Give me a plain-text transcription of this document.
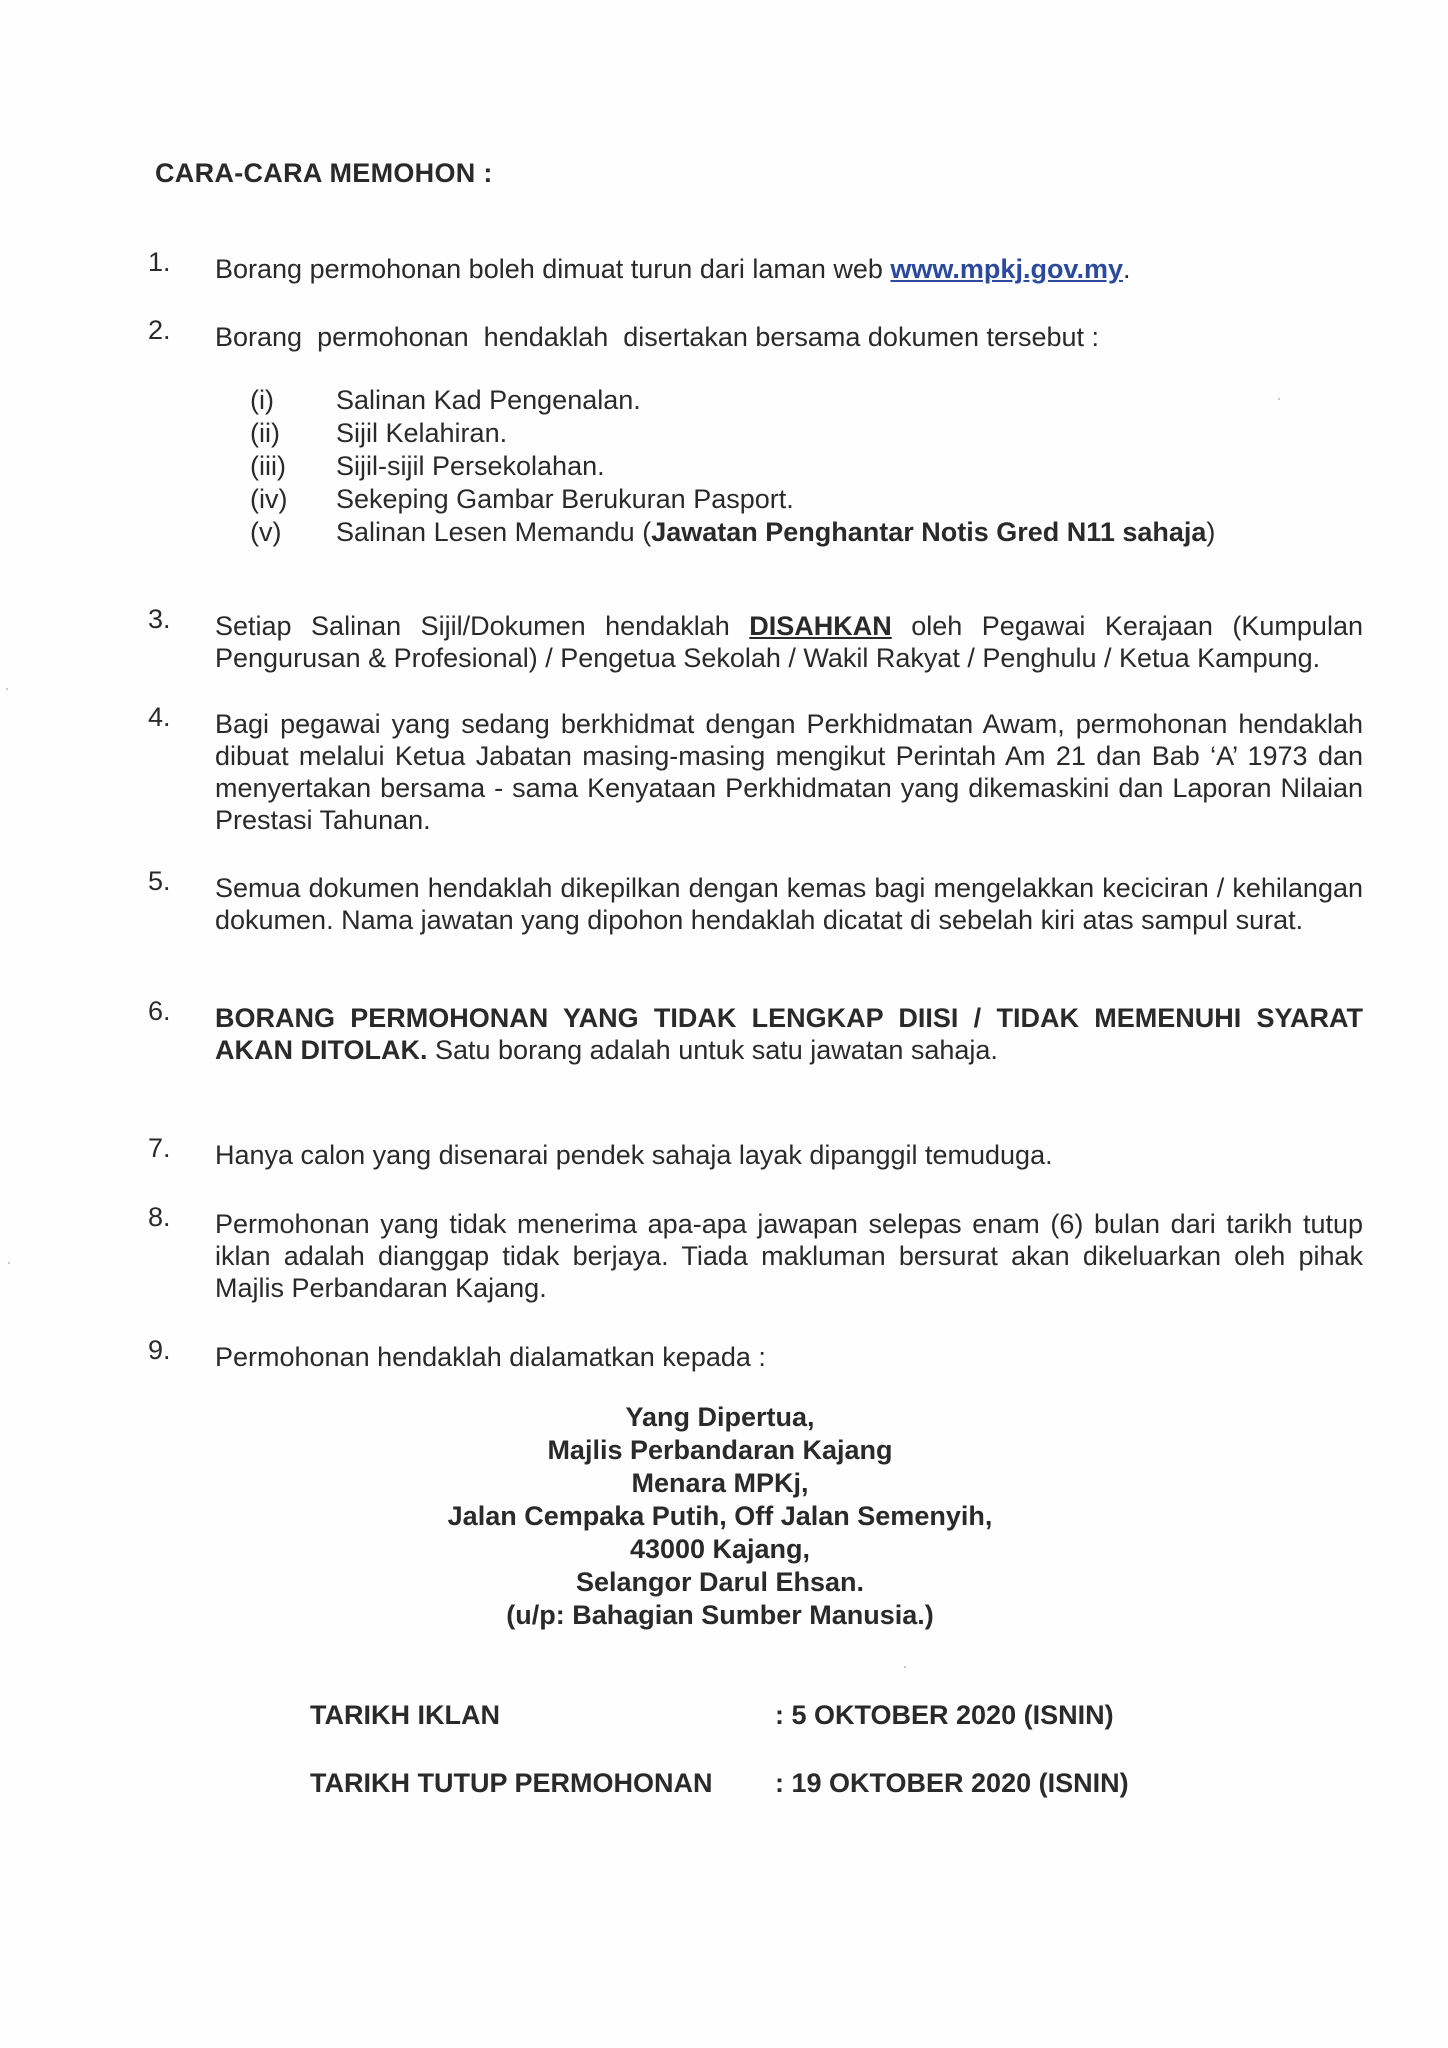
CARA-CARA MEMOHON :
1.	Borang permohonan boleh dimuat turun dari laman web www.mpkj.gov.my.
2.	Borang  permohonan  hendaklah  disertakan bersama dokumen tersebut :
(i)	Salinan Kad Pengenalan.
(ii)	Sijil Kelahiran.
(iii)	Sijil-sijil Persekolahan.
(iv)	Sekeping Gambar Berukuran Pasport.
(v)	Salinan Lesen Memandu (Jawatan Penghantar Notis Gred N11 sahaja)
3.	Setiap Salinan Sijil/Dokumen hendaklah DISAHKAN oleh Pegawai Kerajaan (Kumpulan Pengurusan & Profesional) / Pengetua Sekolah / Wakil Rakyat / Penghulu / Ketua Kampung.
4.	Bagi pegawai yang sedang berkhidmat dengan Perkhidmatan Awam, permohonan hendaklah dibuat melalui Ketua Jabatan masing-masing mengikut Perintah Am 21 dan Bab ‘A’ 1973 dan menyertakan bersama - sama Kenyataan Perkhidmatan yang dikemaskini dan Laporan Nilaian Prestasi Tahunan.
5.	Semua dokumen hendaklah dikepilkan dengan kemas bagi mengelakkan keciciran / kehilangan dokumen. Nama jawatan yang dipohon hendaklah dicatat di sebelah kiri atas sampul surat.
6.	BORANG PERMOHONAN YANG TIDAK LENGKAP DIISI / TIDAK MEMENUHI SYARAT AKAN DITOLAK. Satu borang adalah untuk satu jawatan sahaja.
7.	Hanya calon yang disenarai pendek sahaja layak dipanggil temuduga.
8.	Permohonan yang tidak menerima apa-apa jawapan selepas enam (6) bulan dari tarikh tutup iklan adalah dianggap tidak berjaya. Tiada makluman bersurat akan dikeluarkan oleh pihak Majlis Perbandaran Kajang.
9.	Permohonan hendaklah dialamatkan kepada :
Yang Dipertua,
Majlis Perbandaran Kajang
Menara MPKj,
Jalan Cempaka Putih, Off Jalan Semenyih,
43000 Kajang,
Selangor Darul Ehsan.
(u/p: Bahagian Sumber Manusia.)
TARIKH IKLAN	: 5 OKTOBER 2020 (ISNIN)
TARIKH TUTUP PERMOHONAN : 19 OKTOBER 2020 (ISNIN)
